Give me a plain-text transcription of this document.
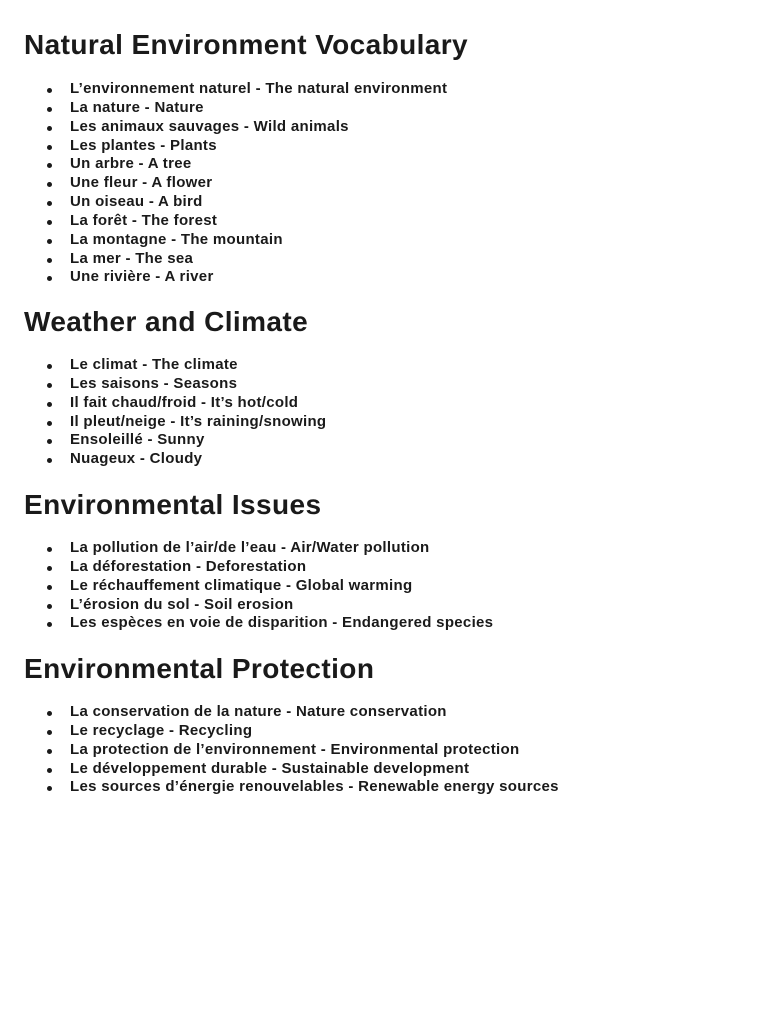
Natural Environment Vocabulary
L’environnement naturel - The natural environment
La nature - Nature
Les animaux sauvages - Wild animals
Les plantes - Plants
Un arbre - A tree
Une fleur - A flower
Un oiseau - A bird
La forêt - The forest
La montagne - The mountain
La mer - The sea
Une rivière - A river
Weather and Climate
Le climat - The climate
Les saisons - Seasons
Il fait chaud/froid - It’s hot/cold
Il pleut/neige - It’s raining/snowing
Ensoleillé - Sunny
Nuageux - Cloudy
Environmental Issues
La pollution de l’air/de l’eau - Air/Water pollution
La déforestation - Deforestation
Le réchauffement climatique - Global warming
L’érosion du sol - Soil erosion
Les espèces en voie de disparition - Endangered species
Environmental Protection
La conservation de la nature - Nature conservation
Le recyclage - Recycling
La protection de l’environnement - Environmental protection
Le développement durable - Sustainable development
Les sources d’énergie renouvelables - Renewable energy sources
